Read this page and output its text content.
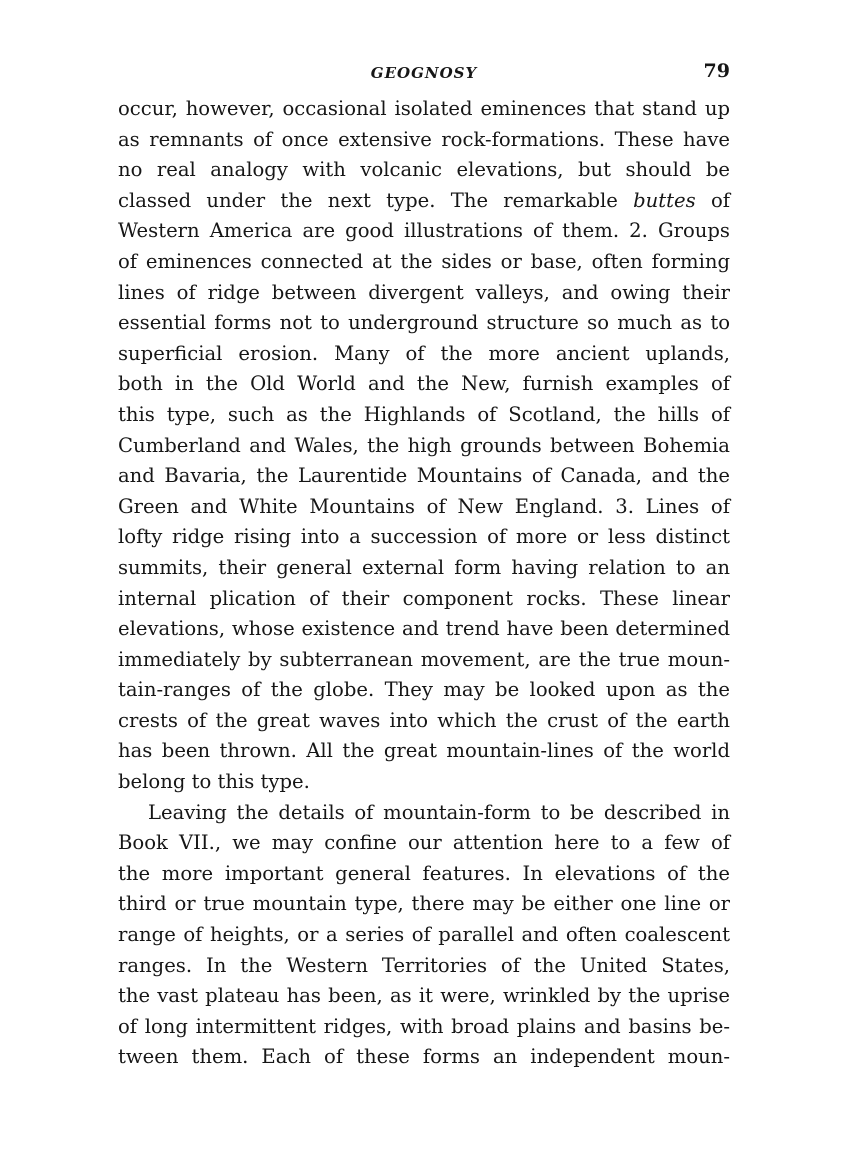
GEOGNOSY	79

occur, however, occasional isolated eminences that stand up
as remnants of once extensive rock-formations. These have
no real analogy with volcanic elevations, but should be
classed under the next type. The remarkable buttes of
Western America are good illustrations of them. 2. Groups
of eminences connected at the sides or base, often forming
lines of ridge between divergent valleys, and owing their
essential forms not to underground structure so much as to
superficial erosion. Many of the more ancient uplands,
both in the Old World and the New, furnish examples of
this type, such as the Highlands of Scotland, the hills of
Cumberland and Wales, the high grounds between Bohemia
and Bavaria, the Laurentide Mountains of Canada, and the
Green and White Mountains of New England. 3. Lines of
lofty ridge rising into a succession of more or less distinct
summits, their general external form having relation to an
internal plication of their component rocks. These linear
elevations, whose existence and trend have been determined
immediately by subterranean movement, are the true moun-
tain-ranges of the globe. They may be looked upon as the
crests of the great waves into which the crust of the earth
has been thrown. All the great mountain-lines of the world
belong to this type.

Leaving the details of mountain-form to be described in
Book VII., we may confine our attention here to a few of
the more important general features. In elevations of the
third or true mountain type, there may be either one line or
range of heights, or a series of parallel and often coalescent
ranges. In the Western Territories of the United States,
the vast plateau has been, as it were, wrinkled by the uprise
of long intermittent ridges, with broad plains and basins be-
tween them. Each of these forms an independent moun-
